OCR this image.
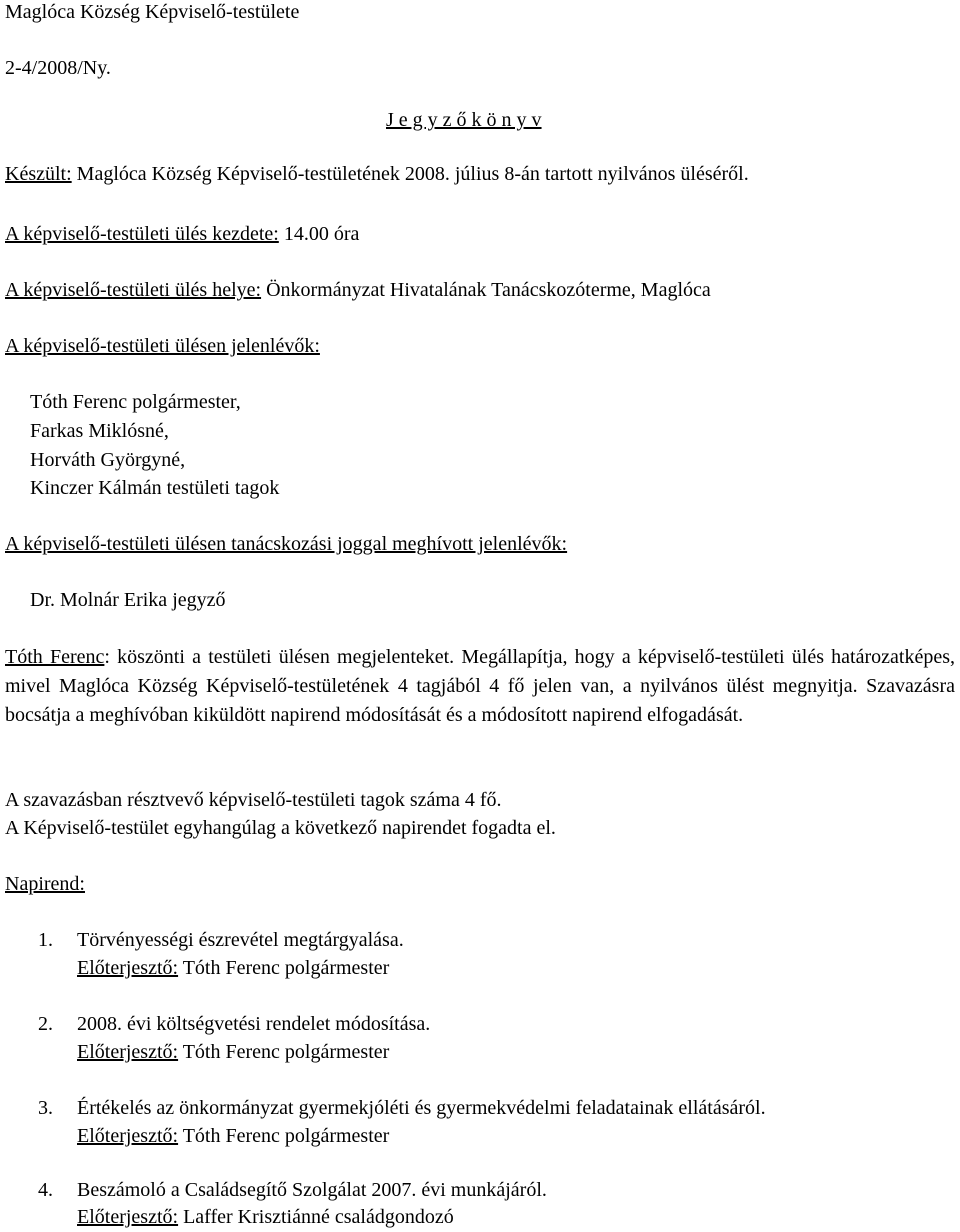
Maglóca Község Képviselő-testülete
2-4/2008/Ny.
J e g y z ő k ö n y v
Készült: Maglóca Község Képviselő-testületének 2008. július 8-án tartott nyilvános üléséről.
A képviselő-testületi ülés kezdete: 14.00 óra
A képviselő-testületi ülés helye: Önkormányzat Hivatalának Tanácskozóterme, Maglóca
A képviselő-testületi ülésen jelenlévők:
Tóth Ferenc polgármester,
Farkas Miklósné,
Horváth Györgyné,
Kinczer Kálmán testületi tagok
A képviselő-testületi ülésen tanácskozási joggal meghívott jelenlévők:
Dr. Molnár Erika jegyző
Tóth Ferenc: köszönti a testületi ülésen megjelenteket. Megállapítja, hogy a képviselő-testületi ülés határozatképes, mivel Maglóca Község Képviselő-testületének 4 tagjából 4 fő jelen van, a nyilvános ülést megnyitja. Szavazásra bocsátja a meghívóban kiküldött napirend módosítását és a módosított napirend elfogadását.
A szavazásban résztvevő képviselő-testületi tagok száma 4 fő.
A Képviselő-testület egyhangúlag a következő napirendet fogadta el.
Napirend:
1. Törvényességi észrevétel megtárgyalása.
Előterjesztő: Tóth Ferenc polgármester
2. 2008. évi költségvetési rendelet módosítása.
Előterjesztő: Tóth Ferenc polgármester
3. Értékelés az önkormányzat gyermekjóléti és gyermekvédelmi feladatainak ellátásáról.
Előterjesztő: Tóth Ferenc polgármester
4. Beszámoló a Családsegítő Szolgálat 2007. évi munkájáról.
Előterjesztő: Laffer Krisztiánné családgondozó
